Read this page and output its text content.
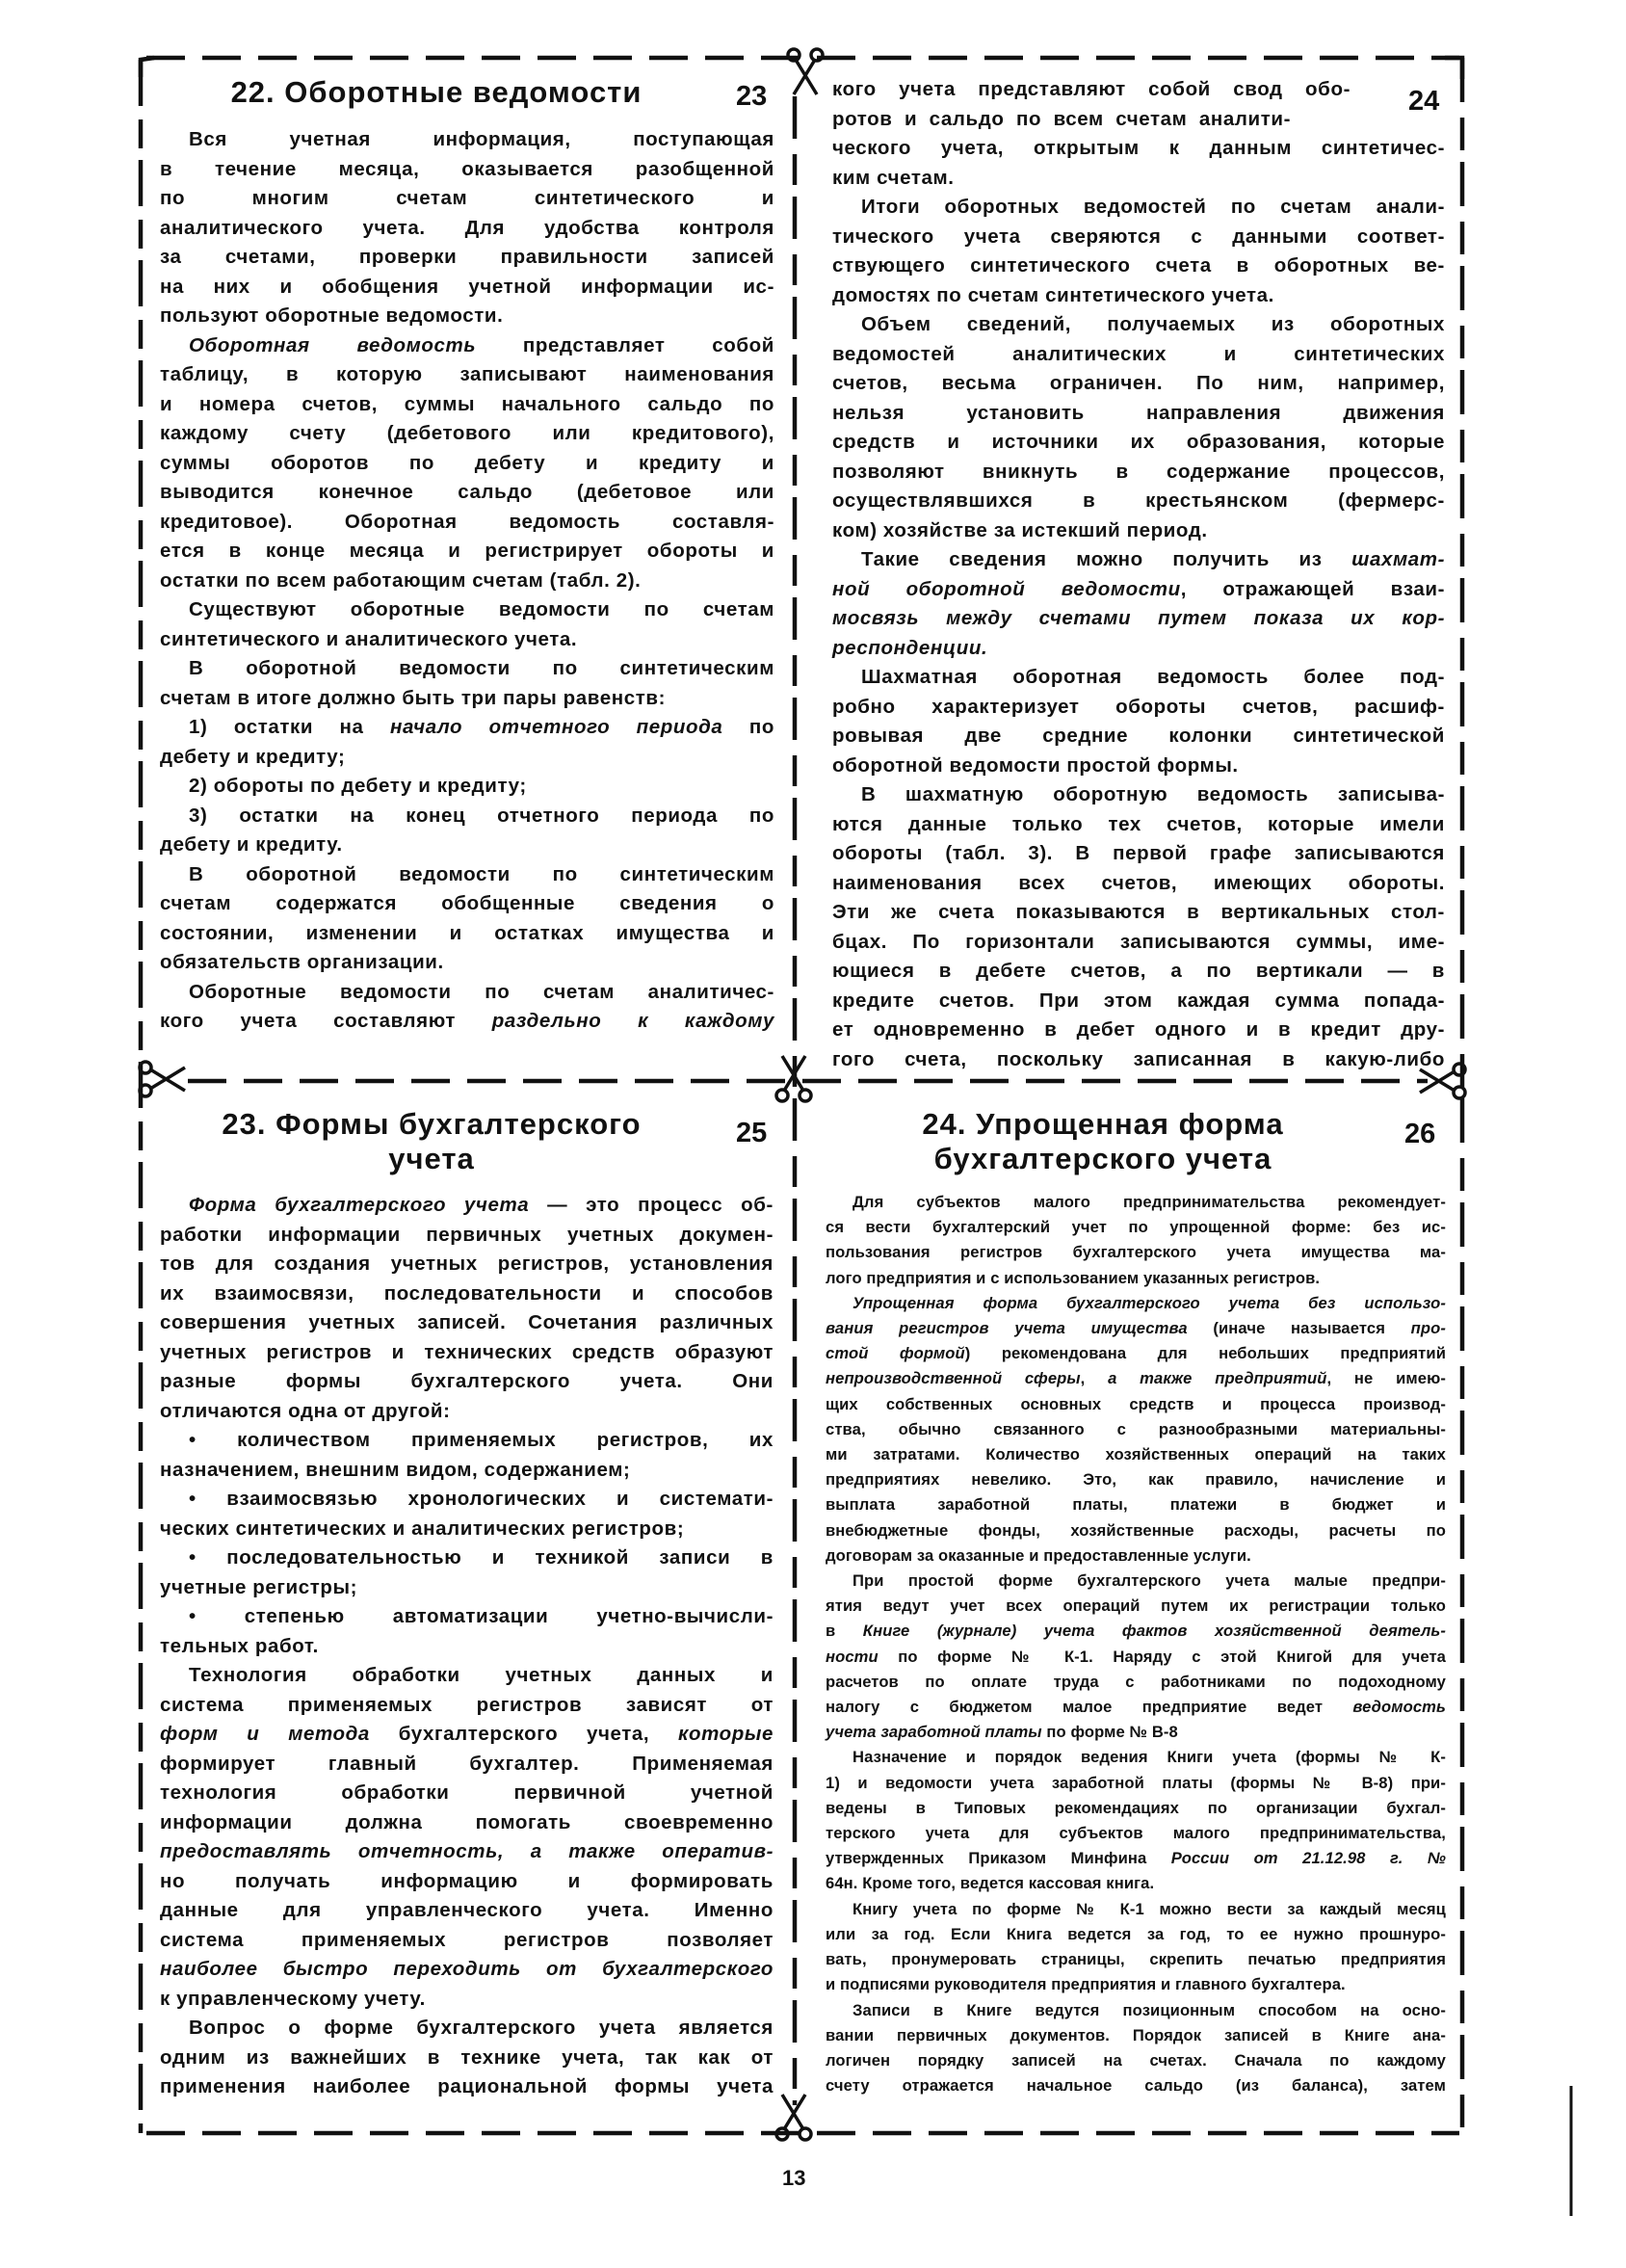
22. Оборотные ведомости	23
Вся учетная информация, поступающая
в течение месяца, оказывается разобщенной
по многим счетам синтетического и
аналитического учета. Для удобства контроля
за счетами, проверки правильности записей
на них и обобщения учетной информации ис-
пользуют оборотные ведомости.
Оборотная ведомость представляет собой
таблицу, в которую записывают наименования
и номера счетов, суммы начального сальдо по
каждому счету (дебетового или кредитового),
суммы оборотов по дебету и кредиту и
выводится конечное сальдо (дебетовое или
кредитовое). Оборотная ведомость составля-
ется в конце месяца и регистрирует обороты и
остатки по всем работающим счетам (табл. 2).
Существуют оборотные ведомости по счетам
синтетического и аналитического учета.
В оборотной ведомости по синтетическим
счетам в итоге должно быть три пары равенств:
1) остатки на начало отчетного периода по
дебету и кредиту;
2) обороты по дебету и кредиту;
3) остатки на конец отчетного периода по
дебету и кредиту.
В оборотной ведомости по синтетическим
счетам содержатся обобщенные сведения о
состоянии, изменении и остатках имущества и
обязательств организации.
Оборотные ведомости по счетам аналитичес-
кого учета составляют раздельно к каждому
24
кого учета представляют собой свод обо-
ротов и сальдо по всем счетам аналити-
ческого учета, открытым к данным синтетичес-
ким счетам.
Итоги оборотных ведомостей по счетам анали-
тического учета сверяются с данными соответ-
ствующего синтетического счета в оборотных ве-
домостях по счетам синтетического учета.
Объем сведений, получаемых из оборотных
ведомостей аналитических и синтетических
счетов, весьма ограничен. По ним, например,
нельзя установить направления движения
средств и источники их образования, которые
позволяют вникнуть в содержание процессов,
осуществлявшихся в крестьянском (фермерс-
ком) хозяйстве за истекший период.
Такие сведения можно получить из шахмат-
ной оборотной ведомости, отражающей взаи-
мосвязь между счетами путем показа их кор-
респонденции.
Шахматная оборотная ведомость более под-
робно характеризует обороты счетов, расшиф-
ровывая две средние колонки синтетической
оборотной ведомости простой формы.
В шахматную оборотную ведомость записыва-
ются данные только тех счетов, которые имели
обороты (табл. 3). В первой графе записываются
наименования всех счетов, имеющих обороты.
Эти же счета показываются в вертикальных стол-
бцах. По горизонтали записываются суммы, име-
ющиеся в дебете счетов, а по вертикали — в
кредите счетов. При этом каждая сумма попада-
ет одновременно в дебет одного и в кредит дру-
гого счета, поскольку записанная в какую-либо
23. Формы бухгалтерского
учета
25
Форма бухгалтерского учета — это процесс об-
работки информации первичных учетных докумен-
тов для создания учетных регистров, установления
их взаимосвязи, последовательности и способов
совершения учетных записей. Сочетания различных
учетных регистров и технических средств образуют
разные формы бухгалтерского учета. Они
отличаются одна от другой:
• количеством применяемых регистров, их
назначением, внешним видом, содержанием;
• взаимосвязью хронологических и системати-
ческих синтетических и аналитических регистров;
• последовательностью и техникой записи в
учетные регистры;
• степенью автоматизации учетно-вычисли-
тельных работ.
Технология обработки учетных данных и
система применяемых регистров зависят от
форм и метода бухгалтерского учета, которые
формирует главный бухгалтер. Применяемая
технология обработки первичной учетной
информации должна помогать своевременно
предоставлять отчетность, а также оператив-
но получать информацию и формировать
данные для управленческого учета. Именно
система применяемых регистров позволяет
наиболее быстро переходить от бухгалтерского
к управленческому учету.
Вопрос о форме бухгалтерского учета является
одним из важнейших в технике учета, так как от
применения наиболее рациональной формы учета
24. Упрощенная форма
бухгалтерского учета
26
Для субъектов малого предпринимательства рекомендует-
ся вести бухгалтерский учет по упрощенной форме: без ис-
пользования регистров бухгалтерского учета имущества ма-
лого предприятия и с использованием указанных регистров.
Упрощенная форма бухгалтерского учета без использо-
вания регистров учета имущества (иначе называется про-
стой формой) рекомендована для небольших предприятий
непроизводственной сферы, а также предприятий, не имею-
щих собственных основных средств и процесса производ-
ства, обычно связанного с разнообразными материальны-
ми затратами. Количество хозяйственных операций на таких
предприятиях невелико. Это, как правило, начисление и
выплата заработной платы, платежи в бюджет и
внебюджетные фонды, хозяйственные расходы, расчеты по
договорам за оказанные и предоставленные услуги.
При простой форме бухгалтерского учета малые предпри-
ятия ведут учет всех операций путем их регистрации только
в Книге (журнале) учета фактов хозяйственной деятель-
ности по форме № К-1. Наряду с этой Книгой для учета
расчетов по оплате труда с работниками по подоходному
налогу с бюджетом малое предприятие ведет ведомость
учета заработной платы по форме № В-8
Назначение и порядок ведения Книги учета (формы № К-
1) и ведомости учета заработной платы (формы № В-8) при-
ведены в Типовых рекомендациях по организации бухгал-
терского учета для субъектов малого предпринимательства,
утвержденных Приказом Минфина России от 21.12.98 г. №
64н. Кроме того, ведется кассовая книга.
Книгу учета по форме № К-1 можно вести за каждый месяц
или за год. Если Книга ведется за год, то ее нужно прошнуро-
вать, пронумеровать страницы, скрепить печатью предприятия
и подписями руководителя предприятия и главного бухгалтера.
Записи в Книге ведутся позиционным способом на осно-
вании первичных документов. Порядок записей в Книге ана-
логичен порядку записей на счетах. Сначала по каждому
счету отражается начальное сальдо (из баланса), затем
13
